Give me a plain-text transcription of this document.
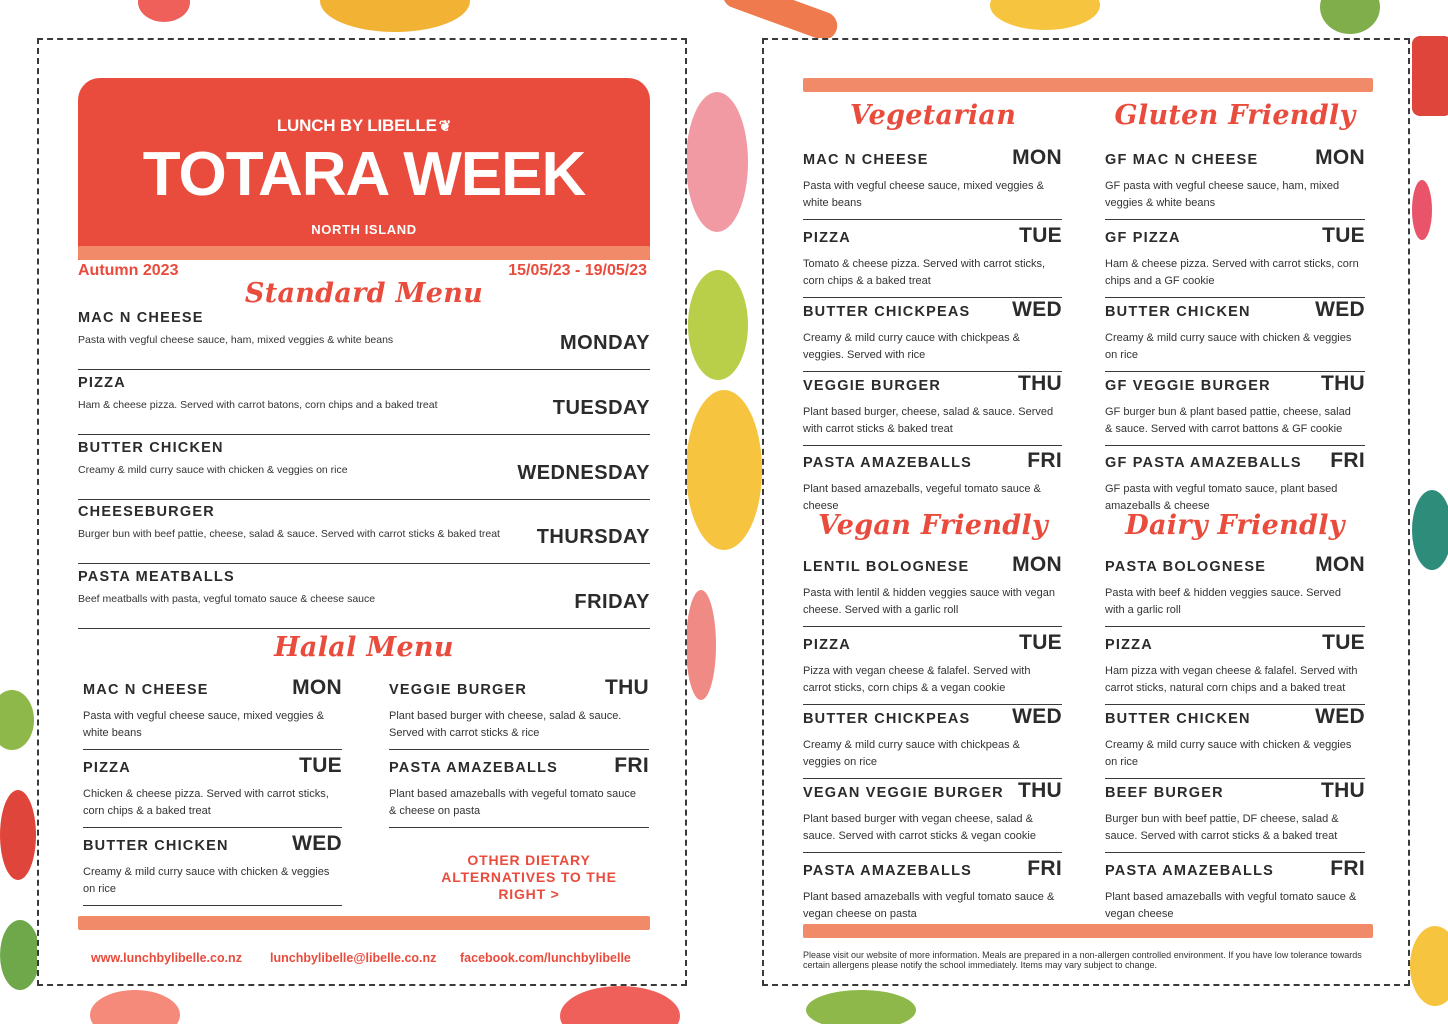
LUNCH BY LIBELLE ❦
TOTARA WEEK
NORTH ISLAND
Autumn 2023	15/05/23 - 19/05/23
Standard Menu
MAC N CHEESE
Pasta with vegful cheese sauce, ham, mixed veggies & white beans	MONDAY
PIZZA
Ham & cheese pizza. Served with carrot batons, corn chips and a baked treat	TUESDAY
BUTTER CHICKEN
Creamy & mild curry sauce with chicken & veggies on rice	WEDNESDAY
CHEESEBURGER
Burger bun with beef pattie, cheese, salad & sauce. Served with carrot sticks & baked treat	THURSDAY
PASTA MEATBALLS
Beef meatballs with pasta, vegful tomato sauce & cheese sauce	FRIDAY
Halal Menu
MAC N CHEESE	MON
Pasta with vegful cheese sauce, mixed veggies & white beans
PIZZA	TUE
Chicken & cheese pizza. Served with carrot sticks, corn chips & a baked treat
BUTTER CHICKEN	WED
Creamy & mild curry sauce with chicken & veggies on rice
VEGGIE BURGER	THU
Plant based burger with cheese, salad & sauce. Served with carrot sticks & rice
PASTA AMAZEBALLS	FRI
Plant based amazeballs with vegeful tomato sauce & cheese on pasta
OTHER DIETARY ALTERNATIVES TO THE RIGHT >
www.lunchbylibelle.co.nz lunchbylibelle@libelle.co.nz facebook.com/lunchbylibelle
Vegetarian	Gluten Friendly
MAC N CHEESE	MON
Pasta with vegful cheese sauce, mixed veggies & white beans
PIZZA	TUE
Tomato & cheese pizza. Served with carrot sticks, corn chips & a baked treat
BUTTER CHICKPEAS WED
Creamy & mild curry cauce with chickpeas & veggies. Served with rice
VEGGIE BURGER	THU
Plant based burger, cheese, salad & sauce. Served with carrot sticks & baked treat
PASTA AMAZEBALLS	FRI
Plant based amazeballs, vegeful tomato sauce & cheese
GF MAC N CHEESE	MON
GF pasta with vegful cheese sauce, ham, mixed veggies & white beans
GF PIZZA	TUE
Ham & cheese pizza. Served with carrot sticks, corn chips and a GF cookie
BUTTER CHICKEN	WED
Creamy & mild curry sauce with chicken & veggies on rice
GF VEGGIE BURGER THU
GF burger bun & plant based pattie, cheese, salad & sauce. Served with carrot battons & GF cookie
GF PASTA AMAZEBALLS FRI
GF pasta with vegful tomato sauce, plant based amazeballs & cheese
Vegan Friendly	Dairy Friendly
LENTIL BOLOGNESE MON
Pasta with lentil & hidden veggies sauce with vegan cheese. Served with a garlic roll
PIZZA	TUE
Pizza with vegan cheese & falafel. Served with carrot sticks, corn chips & a vegan cookie
BUTTER CHICKPEAS WED
Creamy & mild curry sauce with chickpeas & veggies on rice
VEGAN VEGGIE BURGER THU
Plant based burger with vegan cheese, salad & sauce. Served with carrot sticks & vegan cookie
PASTA AMAZEBALLS	FRI
Plant based amazeballs with vegful tomato sauce & vegan cheese on pasta
PASTA BOLOGNESE MON
Pasta with beef & hidden veggies sauce. Served with a garlic roll
PIZZA	TUE
Ham pizza with vegan cheese & falafel. Served with carrot sticks, natural corn chips and a baked treat
BUTTER CHICKEN	WED
Creamy & mild curry sauce with chicken & veggies on rice
BEEF BURGER	THU
Burger bun with beef pattie, DF cheese, salad & sauce. Served with carrot sticks & a baked treat
PASTA AMAZEBALLS	FRI
Plant based amazeballs with vegful tomato sauce & vegan cheese
Please visit our website of more information. Meals are prepared in a non-allergen controlled environment. If you have low tolerance towards certain allergens please notify the school immediately. Items may vary subject to change.
